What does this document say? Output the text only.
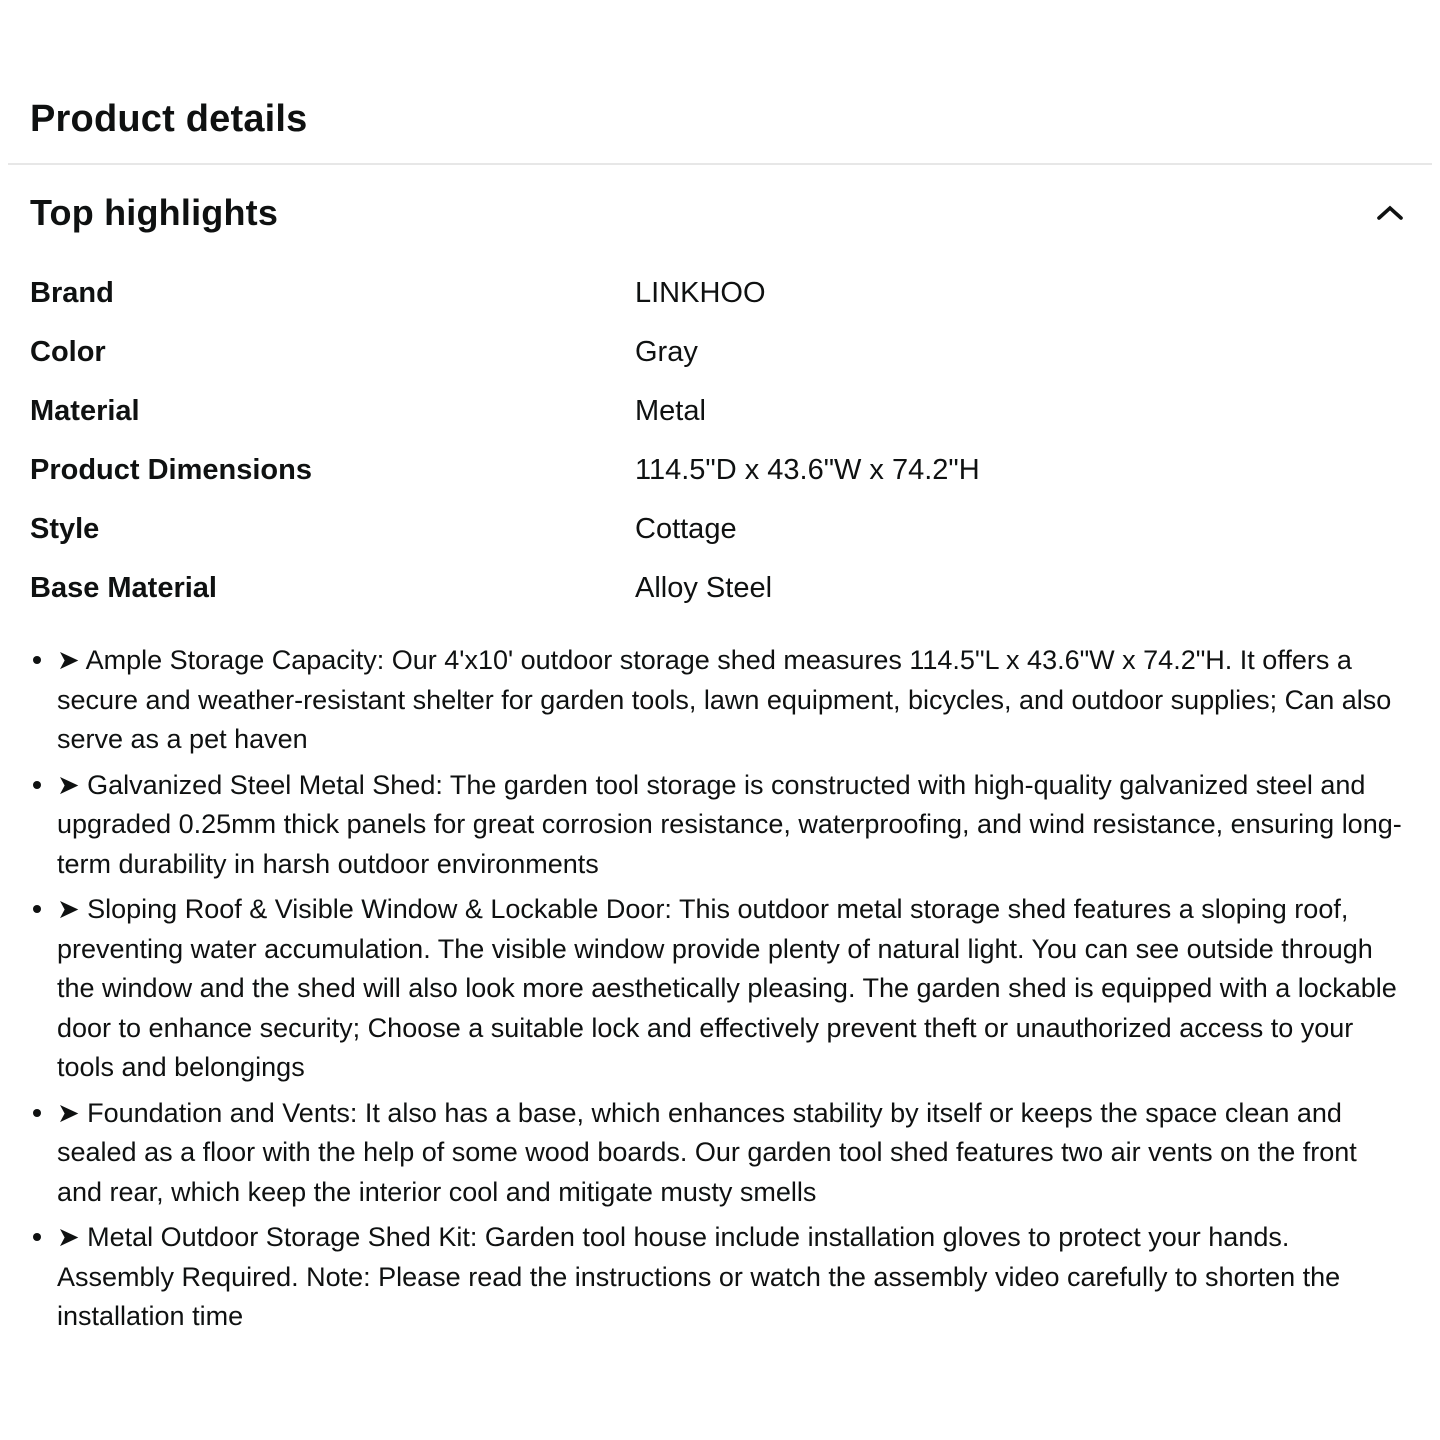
Product details
Top highlights
Brand	LINKHOO
Color	Gray
Material	Metal
Product Dimensions	114.5"D x 43.6"W x 74.2"H
Style	Cottage
Base Material	Alloy Steel
➤ Ample Storage Capacity: Our 4'x10' outdoor storage shed measures 114.5"L x 43.6"W x 74.2"H. It offers a secure and weather-resistant shelter for garden tools, lawn equipment, bicycles, and outdoor supplies; Can also serve as a pet haven
➤ Galvanized Steel Metal Shed: The garden tool storage is constructed with high-quality galvanized steel and upgraded 0.25mm thick panels for great corrosion resistance, waterproofing, and wind resistance, ensuring long-term durability in harsh outdoor environments
➤ Sloping Roof & Visible Window & Lockable Door: This outdoor metal storage shed features a sloping roof, preventing water accumulation. The visible window provide plenty of natural light. You can see outside through the window and the shed will also look more aesthetically pleasing. The garden shed is equipped with a lockable door to enhance security; Choose a suitable lock and effectively prevent theft or unauthorized access to your tools and belongings
➤ Foundation and Vents: It also has a base, which enhances stability by itself or keeps the space clean and sealed as a floor with the help of some wood boards. Our garden tool shed features two air vents on the front and rear, which keep the interior cool and mitigate musty smells
➤ Metal Outdoor Storage Shed Kit: Garden tool house include installation gloves to protect your hands. Assembly Required. Note: Please read the instructions or watch the assembly video carefully to shorten the installation time
